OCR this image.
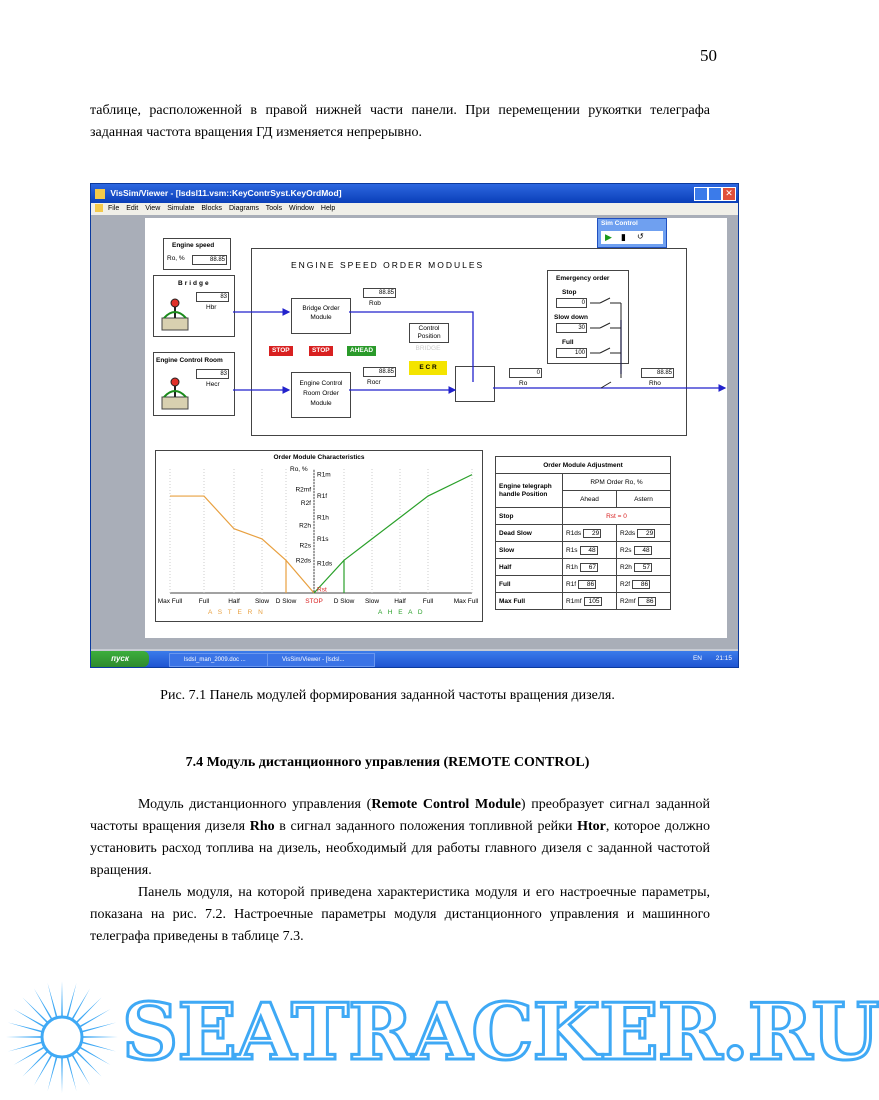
50
таблице, расположенной в правой нижней части панели. При перемещении рукоятки телеграфа заданная частота вращения ГД изменяется непрерывно.
VisSim/Viewer - [lsdsl11.vsm::KeyContrSyst.KeyOrdMod]	✕
File Edit View Simulate Blocks Diagrams Tools Window Help
Engine speed
Ro, %	88.85	ENGINE SPEED ORDER MODULES
Bridge
83
Hbr
Engine Control Room
83
Hecr
Bridge Order Module
88.85
Rob
Engine Control Room Order Module
88.85
Rocr
STOP	STOP	AHEAD
Control Position
BRIDGE
E C R
0
Ro
88.85
Rho
Emergency order
Stop
0
Slow down
30
Full
100
Sim Control
▶ ▮ ↺
Order Module Characteristics
Ro, %
R1m
R2mf
R1f
R2f
R1h
R2h
R1s
R2s
R2ds R1ds
Rst
Max Full	Full	Half Slow D Slow STOP D Slow Slow Half	Full	Max Full
A S T E R N	A H E A D
Order Module Adjustment		
Engine telegraph handle Position	RPM Order Ro, %	
	Ahead	Astern
Stop	Rst = 0	
Dead Slow	R1ds 29	R2ds 29
Slow	R1s 48	R2s 48
Half	R1h 67	R2h 57
Full	R1f 86	R2f 86
Max Full	R1mf 105	R2mf 86
пуск	lsdsl_man_2009.doc ...	VisSim/Viewer - [lsdsl...	EN 21:15
Рис. 7.1 Панель модулей формирования заданной частоты вращения дизеля.
7.4 Модуль дистанционного управления (REMOTE CONTROL)
Модуль дистанционного управления (Remote Control Module) преобразует сигнал заданной частоты вращения дизеля Rho в сигнал заданного положения топливной рейки Htor, которое должно установить расход топлива на дизель, необходимый для работы главного дизеля с заданной частотой вращения.
Панель модуля, на которой приведена характеристика модуля и его настроечные параметры, показана на рис. 7.2. Настроечные параметры модуля дистанционного управления и машинного телеграфа приведены в таблице 7.3.
SEATRACKER.RU
